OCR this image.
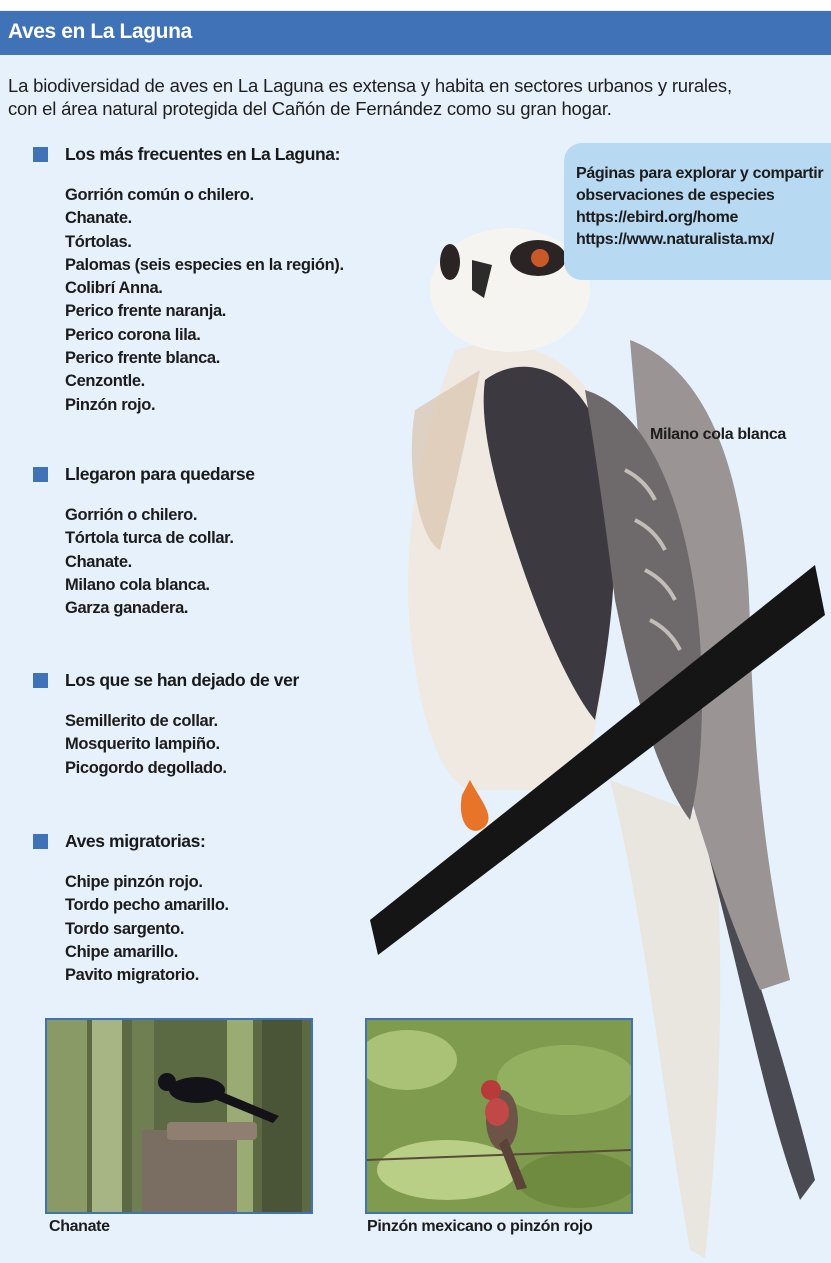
Aves en La Laguna

La biodiversidad de aves en La Laguna es extensa y habita en sectores urbanos y rurales,

con el área natural protegida del Cañón de Fernández como su gran hogar.

Páginas para explorar y compartir

observaciones de especies

https://ebird.org/home

https://www.naturalista.mx/

Milano cola blanca
Los más frecuentes en La Laguna:
Gorrión común o chilero.
Chanate.
Tórtolas.
Palomas (seis especies en la región).
Colibrí Anna.
Perico frente naranja.
Perico corona lila.
Perico frente blanca.
Cenzontle.
Pinzón rojo.
Llegaron para quedarse
Gorrión o chilero.
Tórtola turca de collar.
Chanate.
Milano cola blanca.
Garza ganadera.
Los que se han dejado de ver
Semillerito de collar.
Mosquerito lampiño.
Picogordo degollado.
Aves migratorias:
Chipe pinzón rojo.
Tordo pecho amarillo.
Tordo sargento.
Chipe amarillo.
Pavito migratorio.
Chanate	Pinzón mexicano o pinzón rojo
